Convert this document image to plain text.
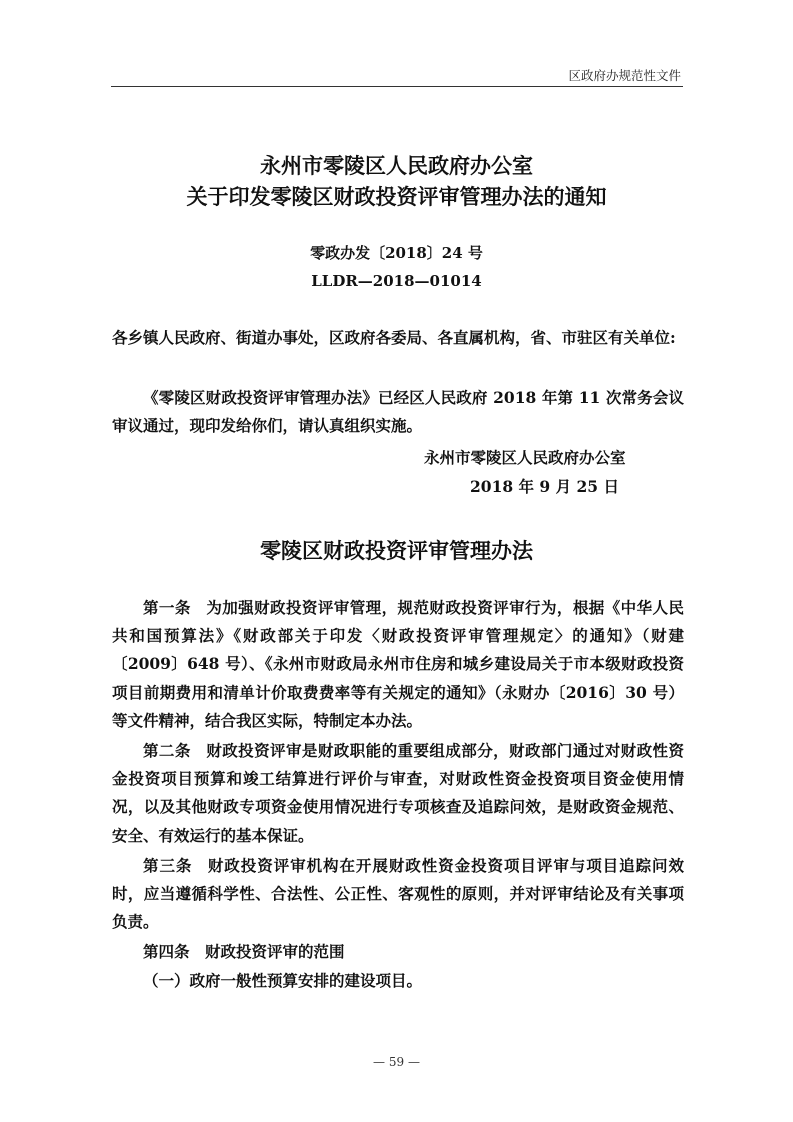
区政府办规范性文件
永州市零陵区人民政府办公室
关于印发零陵区财政投资评审管理办法的通知
零政办发〔2018〕24 号
LLDR—2018—01014
各乡镇人民政府、街道办事处，区政府各委局、各直属机构，省、市驻区有关单位:
《零陵区财政投资评审管理办法》已经区人民政府 2018 年第 11 次常务会议审议通过，现印发给你们，请认真组织实施。
永州市零陵区人民政府办公室
2018 年 9 月 25 日
零陵区财政投资评审管理办法
第一条 为加强财政投资评审管理，规范财政投资评审行为，根据《中华人民共和国预算法》《财政部关于印发〈财政投资评审管理规定〉的通知》（财建〔2009〕648 号）、《永州市财政局永州市住房和城乡建设局关于市本级财政投资项目前期费用和清单计价取费费率等有关规定的通知》（永财办〔2016〕30 号）等文件精神，结合我区实际，特制定本办法。
第二条 财政投资评审是财政职能的重要组成部分，财政部门通过对财政性资金投资项目预算和竣工结算进行评价与审查，对财政性资金投资项目资金使用情况，以及其他财政专项资金使用情况进行专项核查及追踪问效，是财政资金规范、安全、有效运行的基本保证。
第三条 财政投资评审机构在开展财政性资金投资项目评审与项目追踪问效时，应当遵循科学性、合法性、公正性、客观性的原则，并对评审结论及有关事项负责。
第四条 财政投资评审的范围
（一）政府一般性预算安排的建设项目。
— 59 —
